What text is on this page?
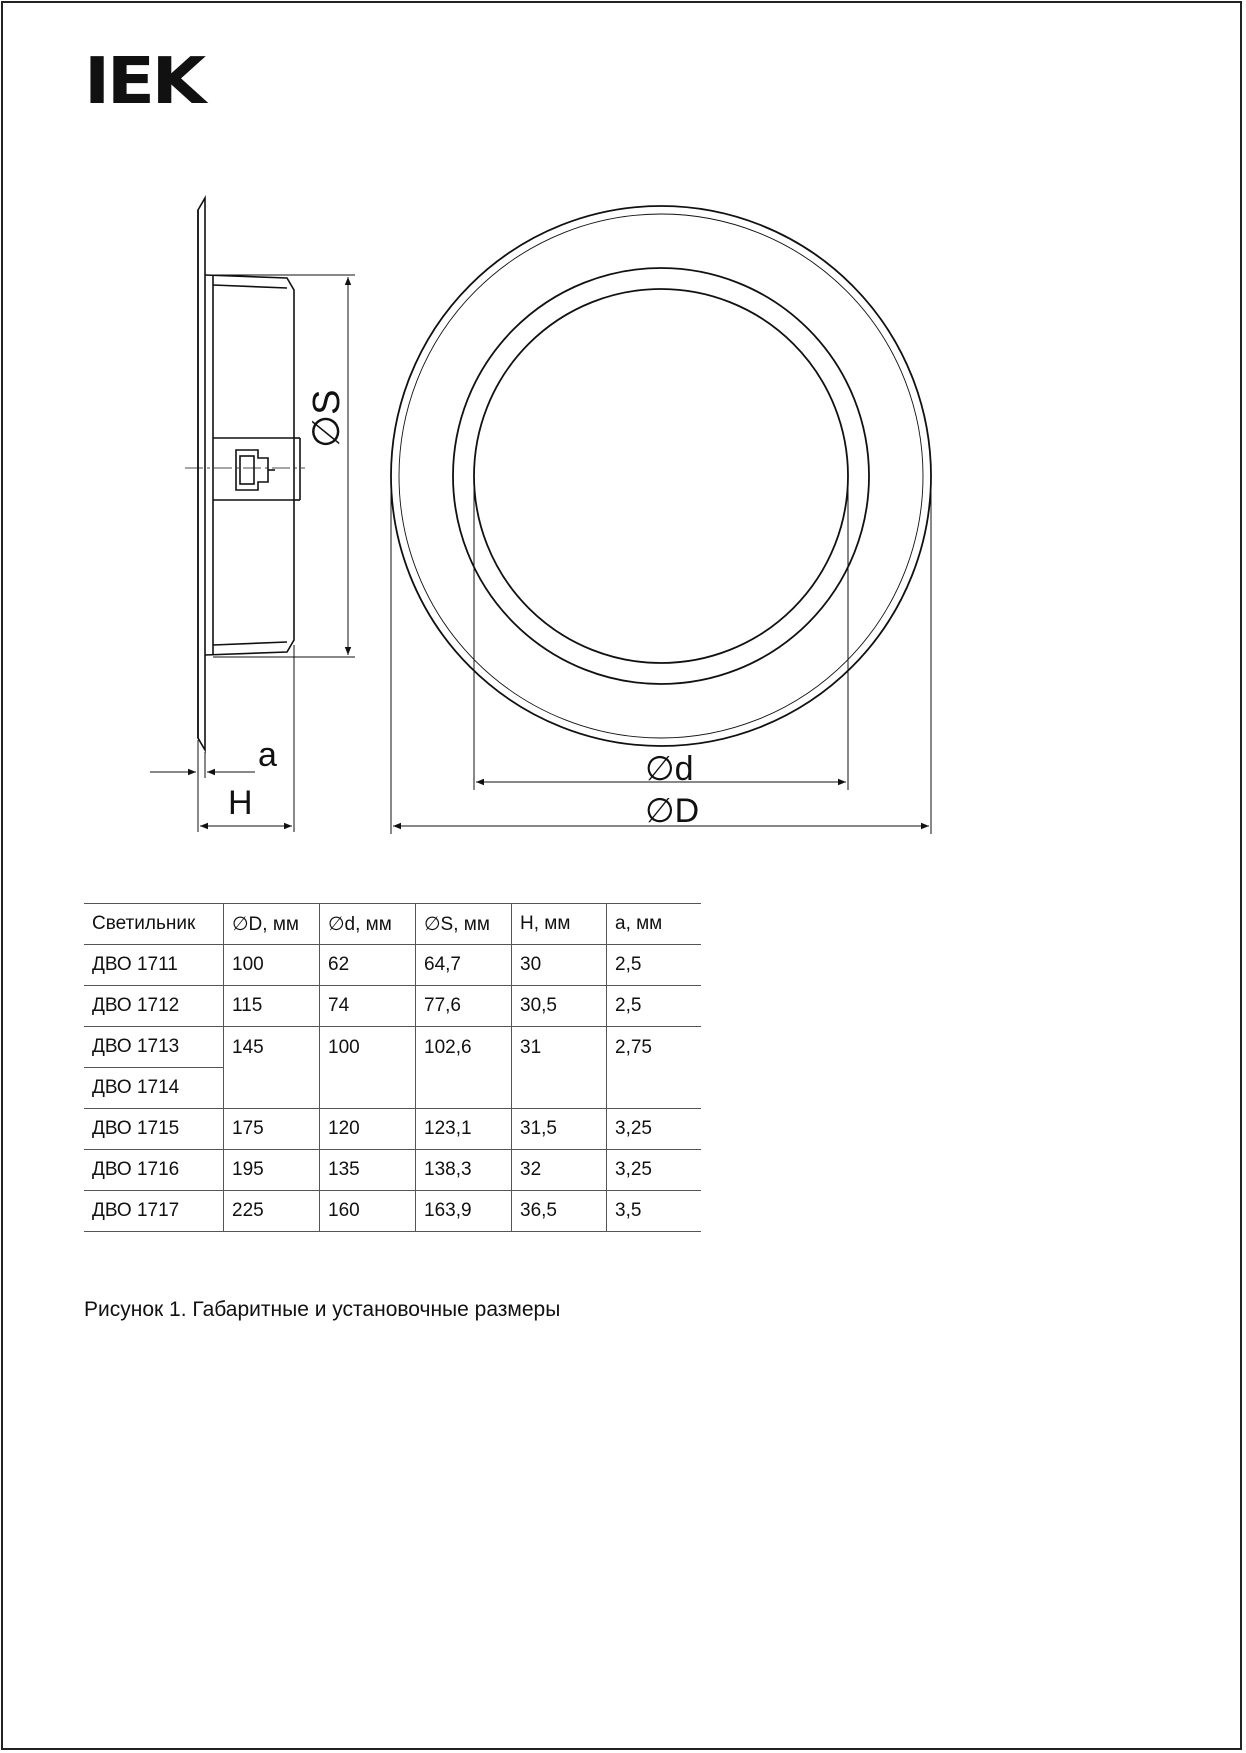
IEK
∅S
a
H
∅d
∅D
Светильник	∅D, мм	∅d, мм	∅S, мм	H, мм	a, мм
ДВО 1711	100	62	64,7	30	2,5
ДВО 1712	115	74	77,6	30,5	2,5
ДВО 1713	145	100	102,6	31	2,75
ДВО 1714					
ДВО 1715	175	120	123,1	31,5	3,25
ДВО 1716	195	135	138,3	32	3,25
ДВО 1717	225	160	163,9	36,5	3,5
Рисунок 1. Габаритные и установочные размеры
